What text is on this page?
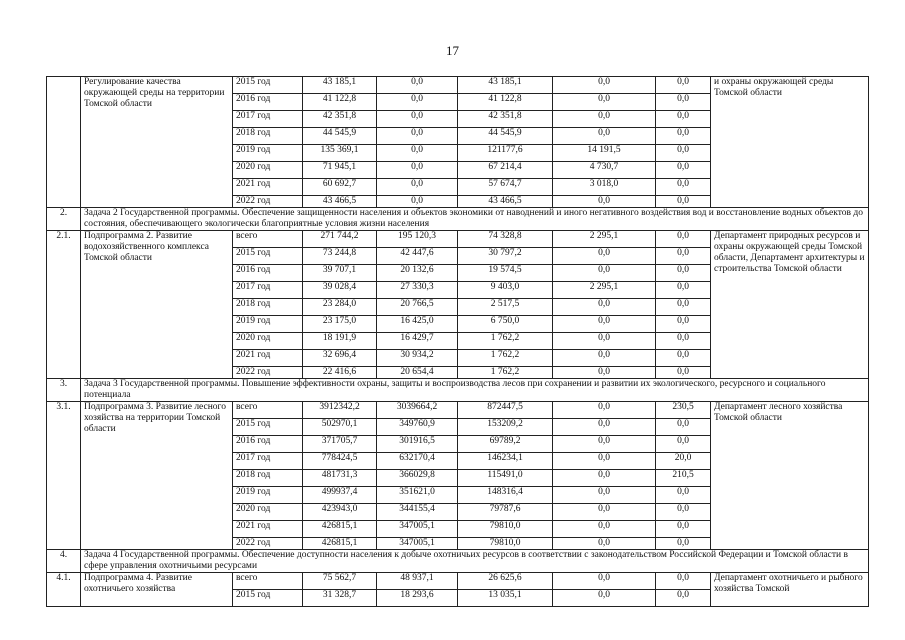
17
	Регулирование качества окружающей среды на территории Томской области	2015 год	43 185,1	0,0	43 185,1	0,0	0,0	и охраны окружающей среды Томской области
		2016 год	41 122,8	0,0	41 122,8	0,0	0,0	
		2017 год	42 351,8	0,0	42 351,8	0,0	0,0	
		2018 год	44 545,9	0,0	44 545,9	0,0	0,0	
		2019 год	135 369,1	0,0	121177,6	14 191,5	0,0	
		2020 год	71 945,1	0,0	67 214,4	4 730,7	0,0	
		2021 год	60 692,7	0,0	57 674,7	3 018,0	0,0	
		2022 год	43 466,5	0,0	43 466,5	0,0	0,0	
2.	Задача 2 Государственной программы. Обеспечение защищенности населения и объектов экономики от наводнений и иного негативного воздействия вод и восстановление водных объектов до состояния, обеспечивающего экологически благоприятные условия жизни населения							
2.1.	Подпрограмма 2. Развитие водохозяйственного комплекса Томской области	всего	271 744,2	195 120,3	74 328,8	2 295,1	0,0	Департамент природных ресурсов и охраны окружающей среды Томской области, Департамент архитектуры и строительства Томской области
		2015 год	73 244,8	42 447,6	30 797,2	0,0	0,0	
		2016 год	39 707,1	20 132,6	19 574,5	0,0	0,0	
		2017 год	39 028,4	27 330,3	9 403,0	2 295,1	0,0	
		2018 год	23 284,0	20 766,5	2 517,5	0,0	0,0	
		2019 год	23 175,0	16 425,0	6 750,0	0,0	0,0	
		2020 год	18 191,9	16 429,7	1 762,2	0,0	0,0	
		2021 год	32 696,4	30 934,2	1 762,2	0,0	0,0	
		2022 год	22 416,6	20 654,4	1 762,2	0,0	0,0	
3.	Задача 3 Государственной программы. Повышение эффективности охраны, защиты и воспроизводства лесов при сохранении и развитии их экологического, ресурсного и социального потенциала							
3.1.	Подпрограмма 3. Развитие лесного хозяйства на территории Томской области	всего	3912342,2	3039664,2	872447,5	0,0	230,5	Департамент лесного хозяйства Томской области
		2015 год	502970,1	349760,9	153209,2	0,0	0,0	
		2016 год	371705,7	301916,5	69789,2	0,0	0,0	
		2017 год	778424,5	632170,4	146234,1	0,0	20,0	
		2018 год	481731,3	366029,8	115491,0	0,0	210,5	
		2019 год	499937,4	351621,0	148316,4	0,0	0,0	
		2020 год	423943,0	344155,4	79787,6	0,0	0,0	
		2021 год	426815,1	347005,1	79810,0	0,0	0,0	
		2022 год	426815,1	347005,1	79810,0	0,0	0,0	
4.	Задача 4 Государственной программы. Обеспечение доступности населения к добыче охотничьих ресурсов в соответствии с законодательством Российской Федерации и Томской области в сфере управления охотничьими ресурсами							
4.1.	Подпрограмма 4. Развитие охотничьего хозяйства	всего	75 562,7	48 937,1	26 625,6	0,0	0,0	Департамент охотничьего и рыбного хозяйства Томской
		2015 год	31 328,7	18 293,6	13 035,1	0,0	0,0	
